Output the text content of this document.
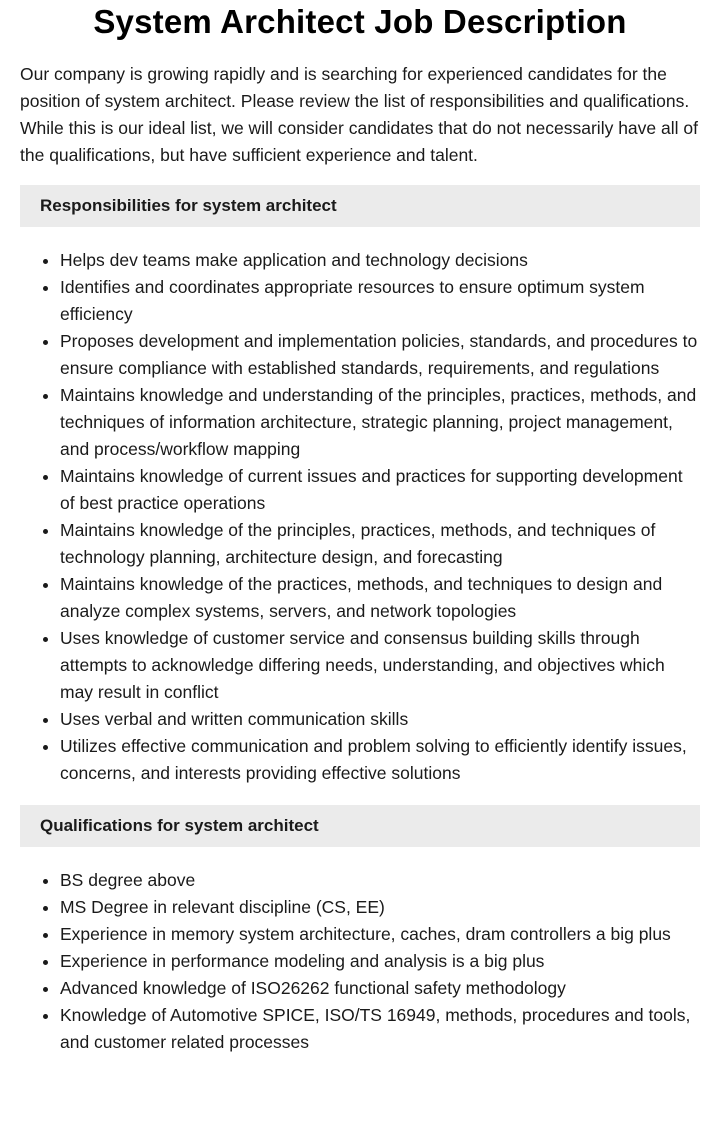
System Architect Job Description

Our company is growing rapidly and is searching for experienced candidates for the position of system architect. Please review the list of responsibilities and qualifications. While this is our ideal list, we will consider candidates that do not necessarily have all of the qualifications, but have sufficient experience and talent.

Responsibilities for system architect
• Helps dev teams make application and technology decisions
• Identifies and coordinates appropriate resources to ensure optimum system efficiency
• Proposes development and implementation policies, standards, and procedures to ensure compliance with established standards, requirements, and regulations
• Maintains knowledge and understanding of the principles, practices, methods, and techniques of information architecture, strategic planning, project management, and process/workflow mapping
• Maintains knowledge of current issues and practices for supporting development of best practice operations
• Maintains knowledge of the principles, practices, methods, and techniques of technology planning, architecture design, and forecasting
• Maintains knowledge of the practices, methods, and techniques to design and analyze complex systems, servers, and network topologies
• Uses knowledge of customer service and consensus building skills through attempts to acknowledge differing needs, understanding, and objectives which may result in conflict
• Uses verbal and written communication skills
• Utilizes effective communication and problem solving to efficiently identify issues, concerns, and interests providing effective solutions
Qualifications for system architect
• BS degree above
• MS Degree in relevant discipline (CS, EE)
• Experience in memory system architecture, caches, dram controllers a big plus
• Experience in performance modeling and analysis is a big plus
• Advanced knowledge of ISO26262 functional safety methodology
• Knowledge of Automotive SPICE, ISO/TS 16949, methods, procedures and tools, and customer related processes
